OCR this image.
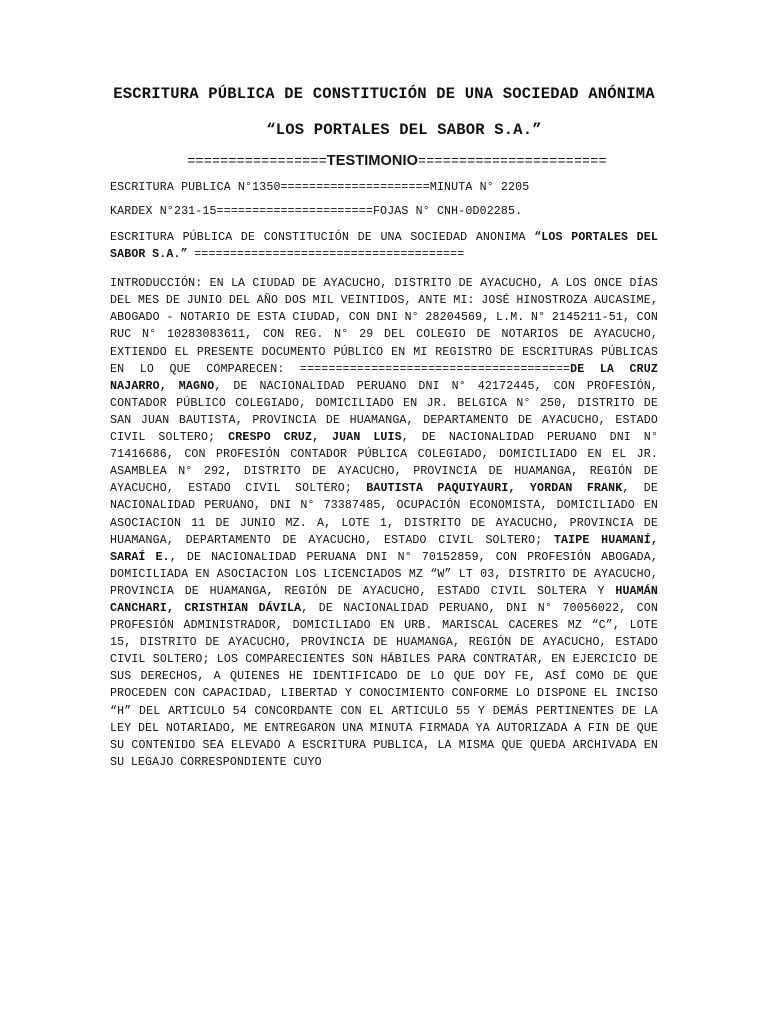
ESCRITURA PÚBLICA DE CONSTITUCIÓN DE UNA SOCIEDAD ANÓNIMA
“LOS PORTALES DEL SABOR S.A.”
=================TESTIMONIO=======================
ESCRITURA PUBLICA N°1350=====================MINUTA N° 2205
KARDEX N°231-15======================FOJAS N° CNH-0D02285.
ESCRITURA PÚBLICA DE CONSTITUCIÓN DE UNA SOCIEDAD ANONIMA “LOS PORTALES DEL SABOR S.A.” ======================================
INTRODUCCIÓN: EN LA CIUDAD DE AYACUCHO, DISTRITO DE AYACUCHO, A LOS ONCE DÍAS DEL MES DE JUNIO DEL AÑO DOS MIL VEINTIDOS, ANTE MI: JOSÉ HINOSTROZA AUCASIME, ABOGADO - NOTARIO DE ESTA CIUDAD, CON DNI N° 28204569, L.M. N° 2145211-51, CON RUC N° 10283083611, CON REG. N° 29 DEL COLEGIO DE NOTARIOS DE AYACUCHO, EXTIENDO EL PRESENTE DOCUMENTO PÚBLICO EN MI REGISTRO DE ESCRITURAS PÚBLICAS EN LO QUE COMPARECEN: ======================================DE LA CRUZ NAJARRO, MAGNO, DE NACIONALIDAD PERUANO DNI N° 42172445, CON PROFESIÓN, CONTADOR PÚBLICO COLEGIADO, DOMICILIADO EN JR. BELGICA N° 250, DISTRITO DE SAN JUAN BAUTISTA, PROVINCIA DE HUAMANGA, DEPARTAMENTO DE AYACUCHO, ESTADO CIVIL SOLTERO; CRESPO CRUZ, JUAN LUIS, DE NACIONALIDAD PERUANO DNI N° 71416686, CON PROFESIÓN CONTADOR PÚBLICA COLEGIADO, DOMICILIADO EN EL JR. ASAMBLEA N° 292, DISTRITO DE AYACUCHO, PROVINCIA DE HUAMANGA, REGIÓN DE AYACUCHO, ESTADO CIVIL SOLTERO; BAUTISTA PAQUIYAURI, YORDAN FRANK, DE NACIONALIDAD PERUANO, DNI N° 73387485, OCUPACIÓN ECONOMISTA, DOMICILIADO EN ASOCIACION 11 DE JUNIO MZ. A, LOTE 1, DISTRITO DE AYACUCHO, PROVINCIA DE HUAMANGA, DEPARTAMENTO DE AYACUCHO, ESTADO CIVIL SOLTERO; TAIPE HUAMANÍ, SARAÍ E., DE NACIONALIDAD PERUANA DNI N° 70152859, CON PROFESIÓN ABOGADA, DOMICILIADA EN ASOCIACION LOS LICENCIADOS MZ “W” LT 03, DISTRITO DE AYACUCHO, PROVINCIA DE HUAMANGA, REGIÓN DE AYACUCHO, ESTADO CIVIL SOLTERA Y HUAMÁN CANCHARI, CRISTHIAN DÁVILA, DE NACIONALIDAD PERUANO, DNI N° 70056022, CON PROFESIÓN ADMINISTRADOR, DOMICILIADO EN URB. MARISCAL CACERES MZ “C”, LOTE 15, DISTRITO DE AYACUCHO, PROVINCIA DE HUAMANGA, REGIÓN DE AYACUCHO, ESTADO CIVIL SOLTERO; LOS COMPARECIENTES SON HÁBILES PARA CONTRATAR, EN EJERCICIO DE SUS DERECHOS, A QUIENES HE IDENTIFICADO DE LO QUE DOY FE, ASÍ COMO DE QUE PROCEDEN CON CAPACIDAD, LIBERTAD Y CONOCIMIENTO CONFORME LO DISPONE EL INCISO “H” DEL ARTICULO 54 CONCORDANTE CON EL ARTICULO 55 Y DEMÁS PERTINENTES DE LA LEY DEL NOTARIADO, ME ENTREGARON UNA MINUTA FIRMADA YA AUTORIZADA A FIN DE QUE SU CONTENIDO SEA ELEVADO A ESCRITURA PUBLICA, LA MISMA QUE QUEDA ARCHIVADA EN SU LEGAJO CORRESPONDIENTE CUYO
